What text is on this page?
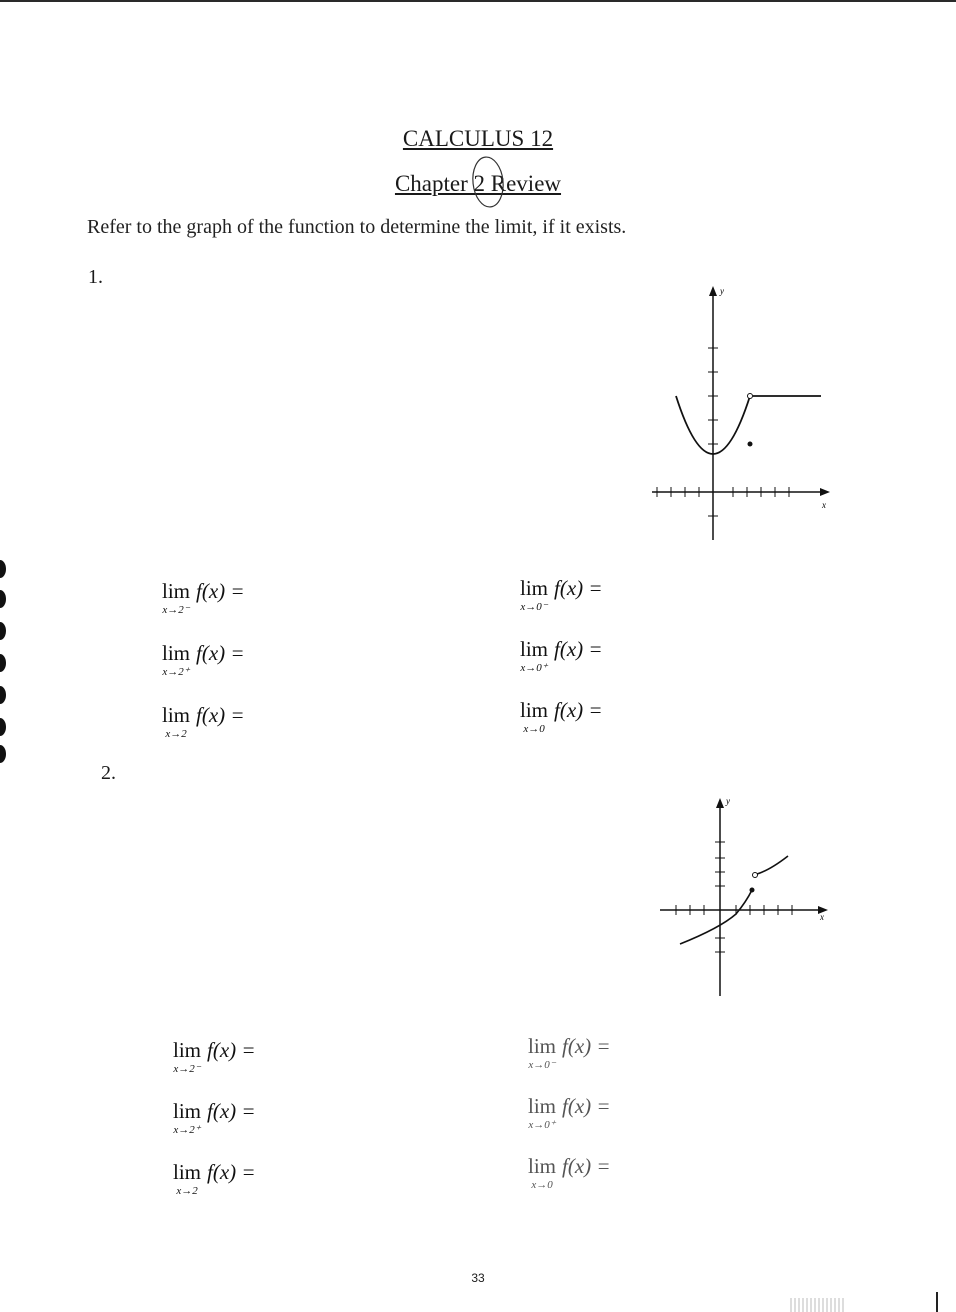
CALCULUS 12
Chapter 2 Review
Refer to the graph of the function to determine the limit, if it exists.
1.
y
x
lim
x→2⁻
f(x) =	lim
x→0⁻
f(x) =
lim
x→2⁺
f(x) =	lim
x→0⁺
f(x) =
lim
x→2
f(x) =	lim
x→0
f(x) =
2.
y
x
lim
x→2⁻
f(x) =	lim
x→0⁻
f(x) =
lim
x→2⁺
f(x) =	lim
x→0⁺
f(x) =
lim
x→2
f(x) =	lim
x→0
f(x) =
33
